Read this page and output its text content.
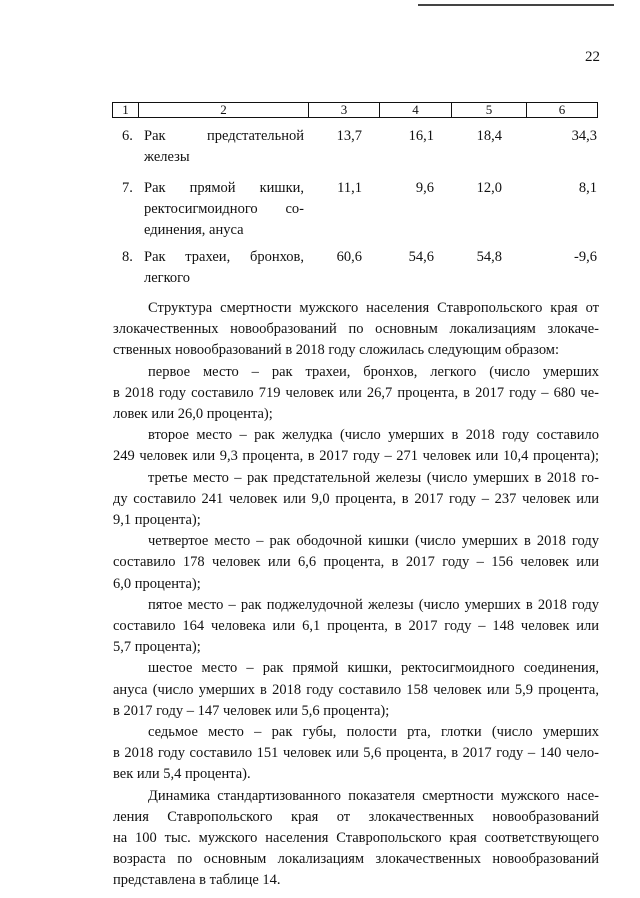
22
1	2	3	4	5	6
6. Рак предстательной
железы
13,7	16,1	18,4	34,3
7. Рак прямой кишки,
ректосигмоидного со-
единения, ануса
11,1	9,6	12,0	8,1
8. Рак трахеи, бронхов,
легкого
60,6	54,6	54,8	-9,6

Структура смертности мужского населения Ставропольского края от
злокачественных новообразований по основным локализациям злокаче-
ственных новообразований в 2018 году сложилась следующим образом:

первое место – рак трахеи, бронхов, легкого (число умерших
в 2018 году составило 719 человек или 26,7 процента, в 2017 году – 680 че-
ловек или 26,0 процента);

второе место – рак желудка (число умерших в 2018 году составило
249 человек или 9,3 процента, в 2017 году – 271 человек или 10,4 процента);

третье место – рак предстательной железы (число умерших в 2018 го-
ду составило 241 человек или 9,0 процента, в 2017 году – 237 человек или
9,1 процента);

четвертое место – рак ободочной кишки (число умерших в 2018 году
составило 178 человек или 6,6 процента, в 2017 году – 156 человек или
6,0 процента);

пятое место – рак поджелудочной железы (число умерших в 2018 году
составило 164 человека или 6,1 процента, в 2017 году – 148 человек или
5,7 процента);

шестое место – рак прямой кишки, ректосигмоидного соединения,
ануса (число умерших в 2018 году составило 158 человек или 5,9 процента,
в 2017 году – 147 человек или 5,6 процента);

седьмое место – рак губы, полости рта, глотки (число умерших
в 2018 году составило 151 человек или 5,6 процента, в 2017 году – 140 чело-
век или 5,4 процента).

Динамика стандартизованного показателя смертности мужского насе-
ления Ставропольского края от злокачественных новообразований
на 100 тыс. мужского населения Ставропольского края соответствующего
возраста по основным локализациям злокачественных новообразований
представлена в таблице 14.
